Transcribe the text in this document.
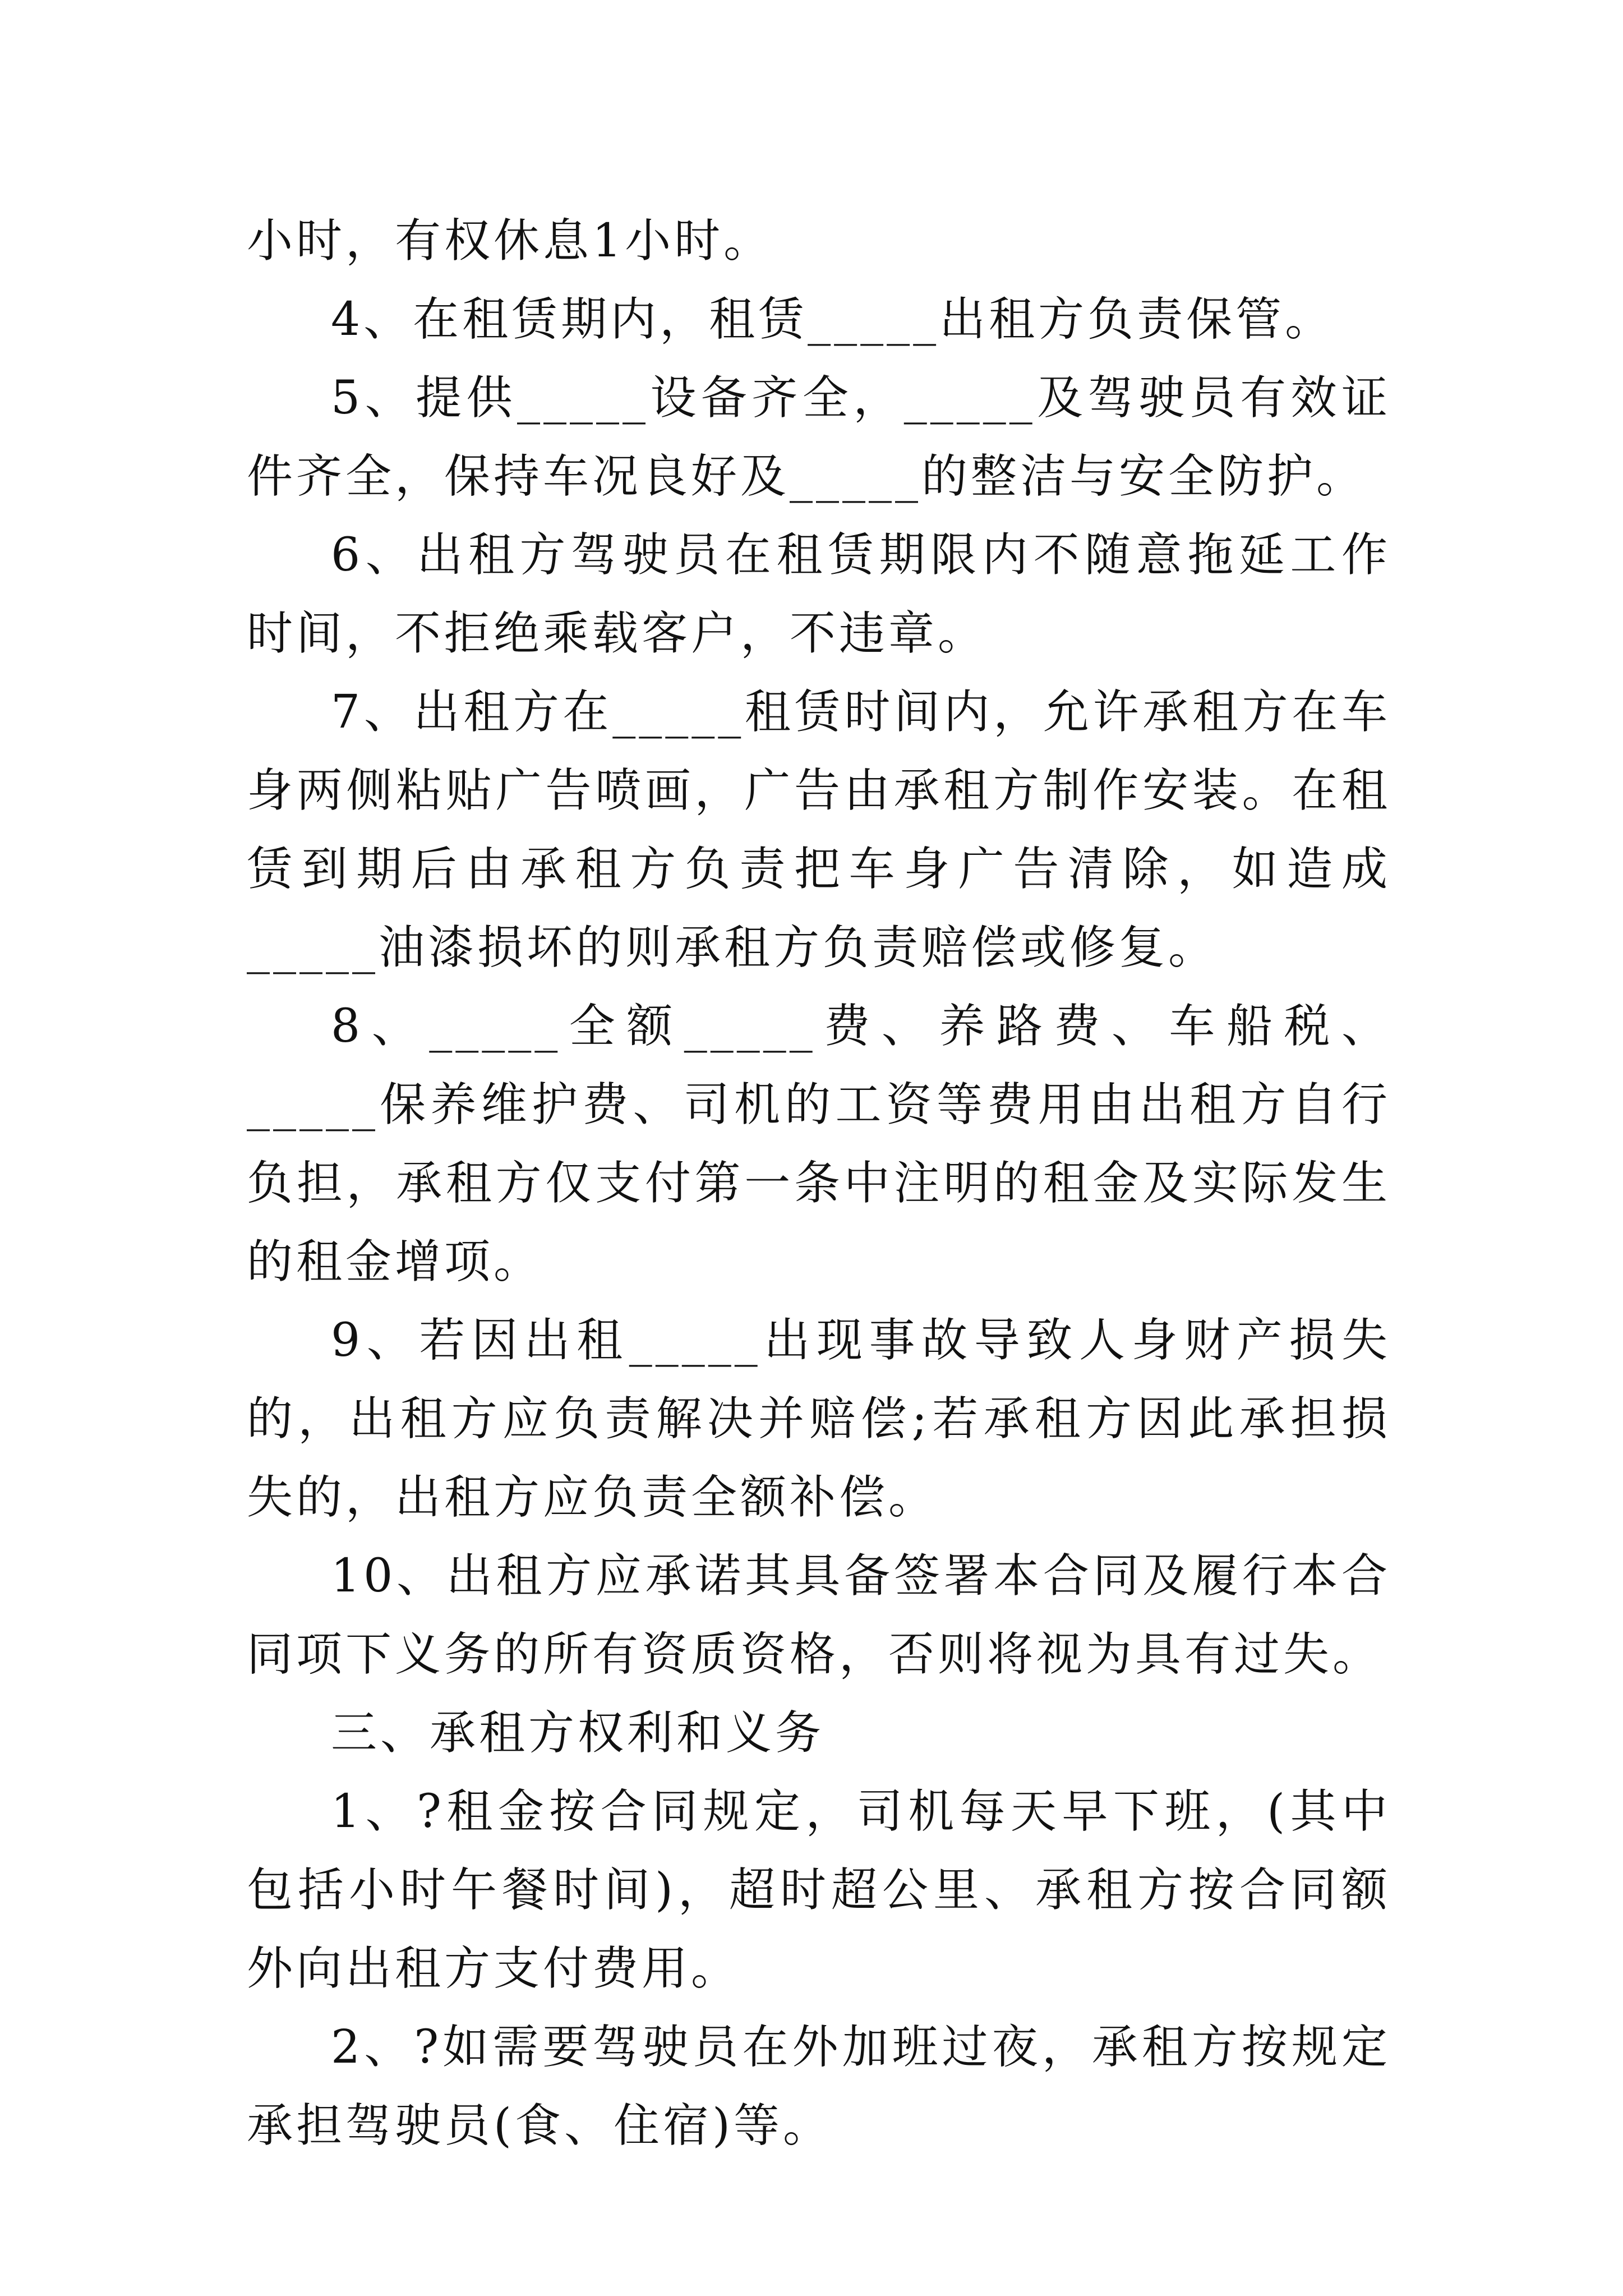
小时，有权休息1小时。

4、在租赁期内，租赁_____出租方负责保管。

5、提供_____设备齐全，_____及驾驶员有效证件齐全，保持车况良好及_____的整洁与安全防护。

6、出租方驾驶员在租赁期限内不随意拖延工作时间，不拒绝乘载客户，不违章。

7、出租方在_____租赁时间内，允许承租方在车身两侧粘贴广告喷画，广告由承租方制作安装。在租赁到期后由承租方负责把车身广告清除，如造成_____油漆损坏的则承租方负责赔偿或修复。

8、_____全额_____费、养路费、车船税、_____保养维护费、司机的工资等费用由出租方自行负担，承租方仅支付第一条中注明的租金及实际发生的租金增项。

9、若因出租_____出现事故导致人身财产损失的，出租方应负责解决并赔偿;若承租方因此承担损失的，出租方应负责全额补偿。

10、出租方应承诺其具备签署本合同及履行本合同项下义务的所有资质资格，否则将视为具有过失。

三、承租方权利和义务

1、?租金按合同规定，司机每天早下班，(其中包括小时午餐时间)，超时超公里、承租方按合同额外向出租方支付费用。

2、?如需要驾驶员在外加班过夜，承租方按规定承担驾驶员(食、住宿)等。
